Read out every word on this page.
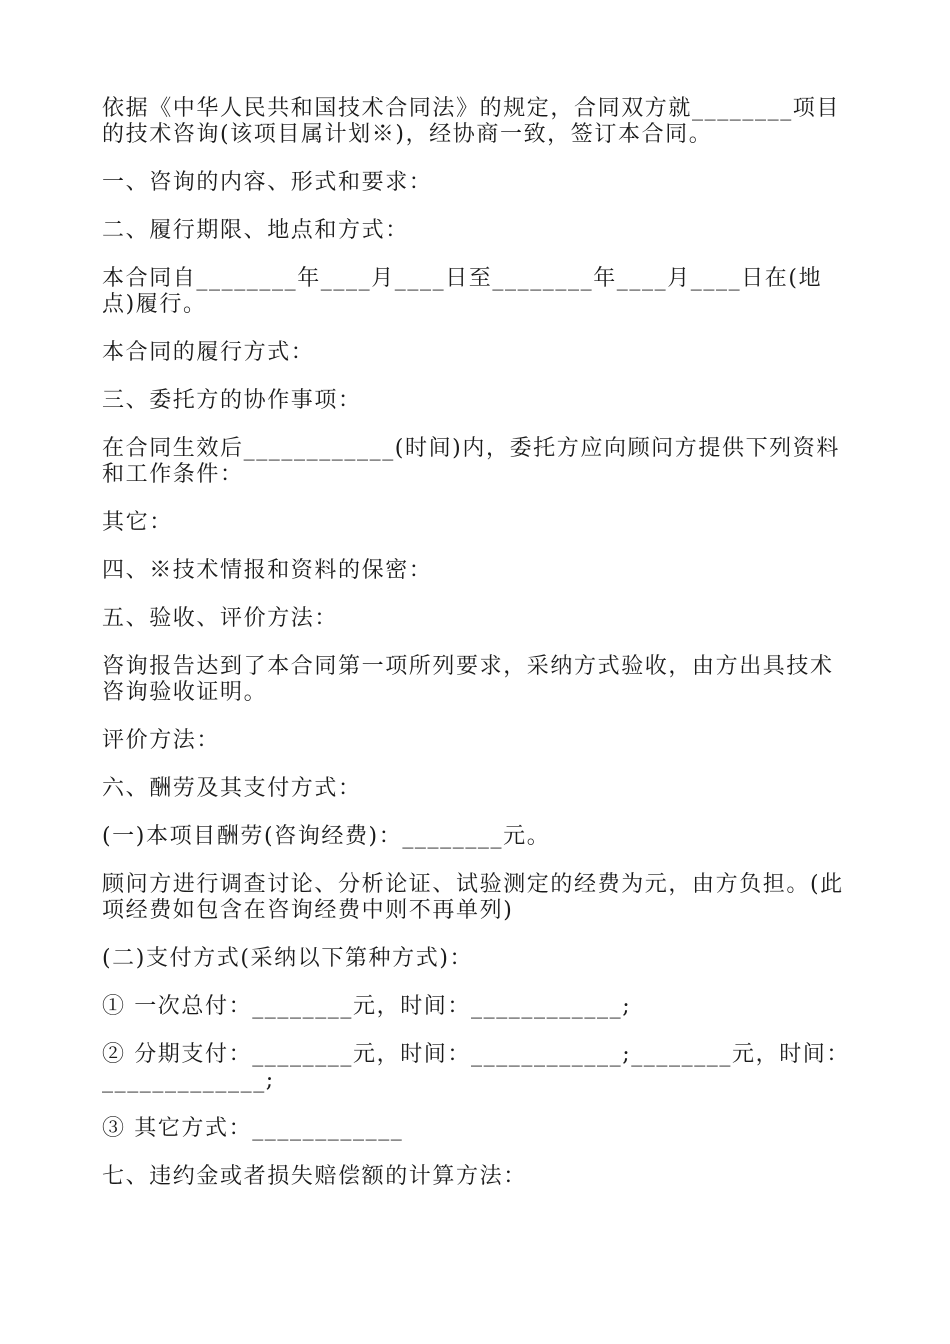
依据《中华人民共和国技术合同法》的规定，合同双方就________项目的技术咨询(该项目属计划※)，经协商一致，签订本合同。

一、咨询的内容、形式和要求：

二、履行期限、地点和方式：

本合同自________年____月____日至________年____月____日在(地点)履行。

本合同的履行方式：

三、委托方的协作事项：

在合同生效后____________(时间)内，委托方应向顾问方提供下列资料和工作条件：

其它：

四、※技术情报和资料的保密：

五、验收、评价方法：

咨询报告达到了本合同第一项所列要求，采纳方式验收，由方出具技术咨询验收证明。

评价方法：

六、酬劳及其支付方式：

(一)本项目酬劳(咨询经费)：________元。

顾问方进行调查讨论、分析论证、试验测定的经费为元，由方负担。(此项经费如包含在咨询经费中则不再单列)

(二)支付方式(采纳以下第种方式)：

① 一次总付：________元，时间：____________;

② 分期支付：________元，时间：____________;________元，时间：_____________;

③ 其它方式：____________

七、违约金或者损失赔偿额的计算方法：
